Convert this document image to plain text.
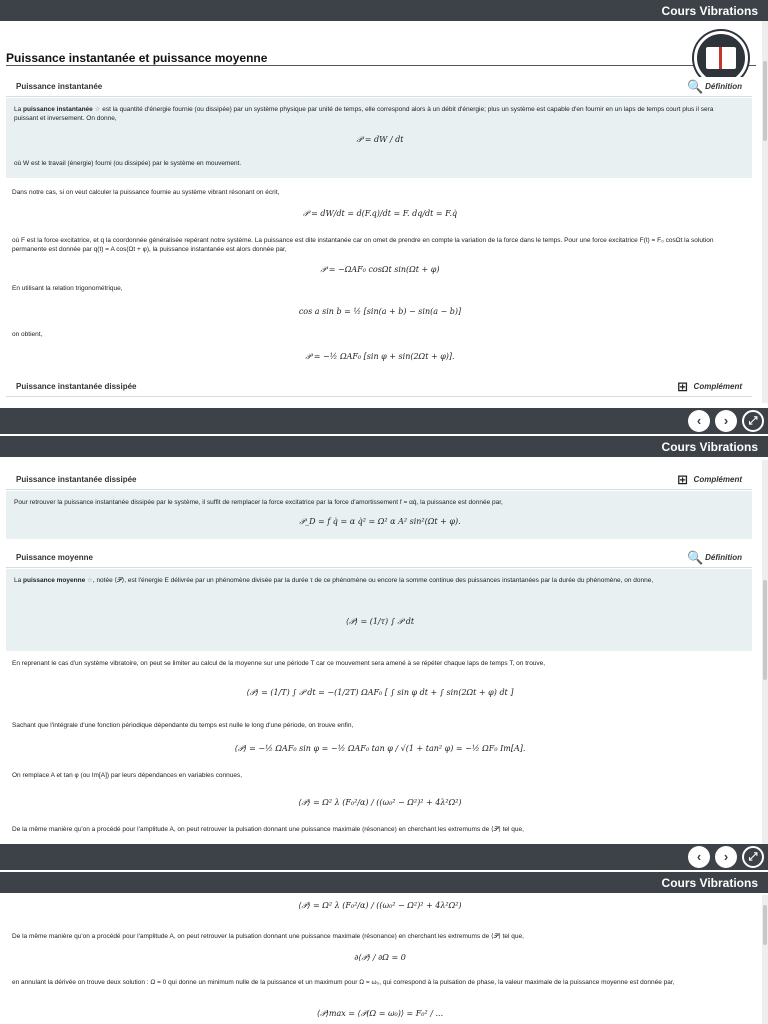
Cours Vibrations
Puissance instantanée et puissance moyenne
Puissance instantanée	🔍 Définition
La puissance instantanée ☆ est la quantité d'énergie fournie (ou dissipée) par un système physique par unité de temps, elle correspond alors à un débit d'énergie; plus un système est capable d'en fournir en un laps de temps court plus il sera puissant et inversement. On donne,
𝒫 = dW / dt
où W est le travail (énergie) fourni (ou dissipée) par le système en mouvement.
Dans notre cas, si on veut calculer la puissance fournie au système vibrant résonant on écrit,
𝒫 = dW/dt = d(F.q)/dt = F. dq/dt = F.q̇
où F est la force excitatrice, et q la coordonnée généralisée repérant notre système. La puissance est dite instantanée car on omet de prendre en compte la variation de la force dans le temps. Pour une force excitatrice F(t) = F₀ cosΩt la solution permanente est donnée par q(t) = A cos(Ωt + φ), la puissance instantanée est alors donnée par,
𝒫 = −ΩAF₀ cosΩt sin(Ωt + φ)
En utilisant la relation trigonométrique,
cos a sin b = ½ [sin(a + b) − sin(a − b)]
on obtient,
𝒫 = −½ ΩAF₀ [sin φ + sin(2Ωt + φ)].
Puissance instantanée dissipée	⊞ Complément
‹	›	⤢
Cours Vibrations
Puissance instantanée dissipée	⊞ Complément
Pour retrouver la puissance instantanée dissipée par le système, il suffit de remplacer la force excitatrice par la force d'amortissement f = αq̇, la puissance est donnée par,
𝒫_D = f q̇ = α q̇² = Ω² α A² sin²(Ωt + φ).
Puissance moyenne	🔍 Définition
La puissance moyenne ☆, notée ⟨𝒫⟩, est l'énergie E délivrée par un phénomène divisée par la durée τ de ce phénomène ou encore la somme continue des puissances instantanées par la durée du phénomène, on donne,
⟨𝒫⟩ = (1/τ) ∫ 𝒫 dt
En reprenant le cas d'un système vibratoire, on peut se limiter au calcul de la moyenne sur une période T car ce mouvement sera amené à se répéter chaque laps de temps T, on trouve,
⟨𝒫⟩ = (1/T) ∫ 𝒫 dt = −(1/2T) ΩAF₀ [ ∫ sin φ dt + ∫ sin(2Ωt + φ) dt ]
Sachant que l'intégrale d'une fonction périodique dépendante du temps est nulle le long d'une période, on trouve enfin,
⟨𝒫⟩ = −½ ΩAF₀ sin φ = −½ ΩAF₀ tan φ / √(1 + tan² φ) = −½ ΩF₀ Im[A].
On remplace A et tan φ (ou Im[A]) par leurs dépendances en variables connues,
⟨𝒫⟩ = Ω² λ (F₀²/α) / ((ω₀² − Ω²)² + 4λ²Ω²)
De la même manière qu'on a procédé pour l'amplitude A, on peut retrouver la pulsation donnant une puissance maximale (résonance) en cherchant les extremums de ⟨𝒫⟩ tel que,
‹	›	⤢
Cours Vibrations
⟨𝒫⟩ = Ω² λ (F₀²/α) / ((ω₀² − Ω²)² + 4λ²Ω²)
De la même manière qu'on a procédé pour l'amplitude A, on peut retrouver la pulsation donnant une puissance maximale (résonance) en cherchant les extremums de ⟨𝒫⟩ tel que,
∂⟨𝒫⟩ / ∂Ω = 0
en annulant la dérivée on trouve deux solution : Ω = 0 qui donne un minimum nulle de la puissance et un maximum pour Ω = ω₀, qui correspond à la pulsation de phase, la valeur maximale de la puissance moyenne est donnée par,
⟨𝒫⟩max = ⟨𝒫(Ω = ω₀)⟩ = F₀² / ...
